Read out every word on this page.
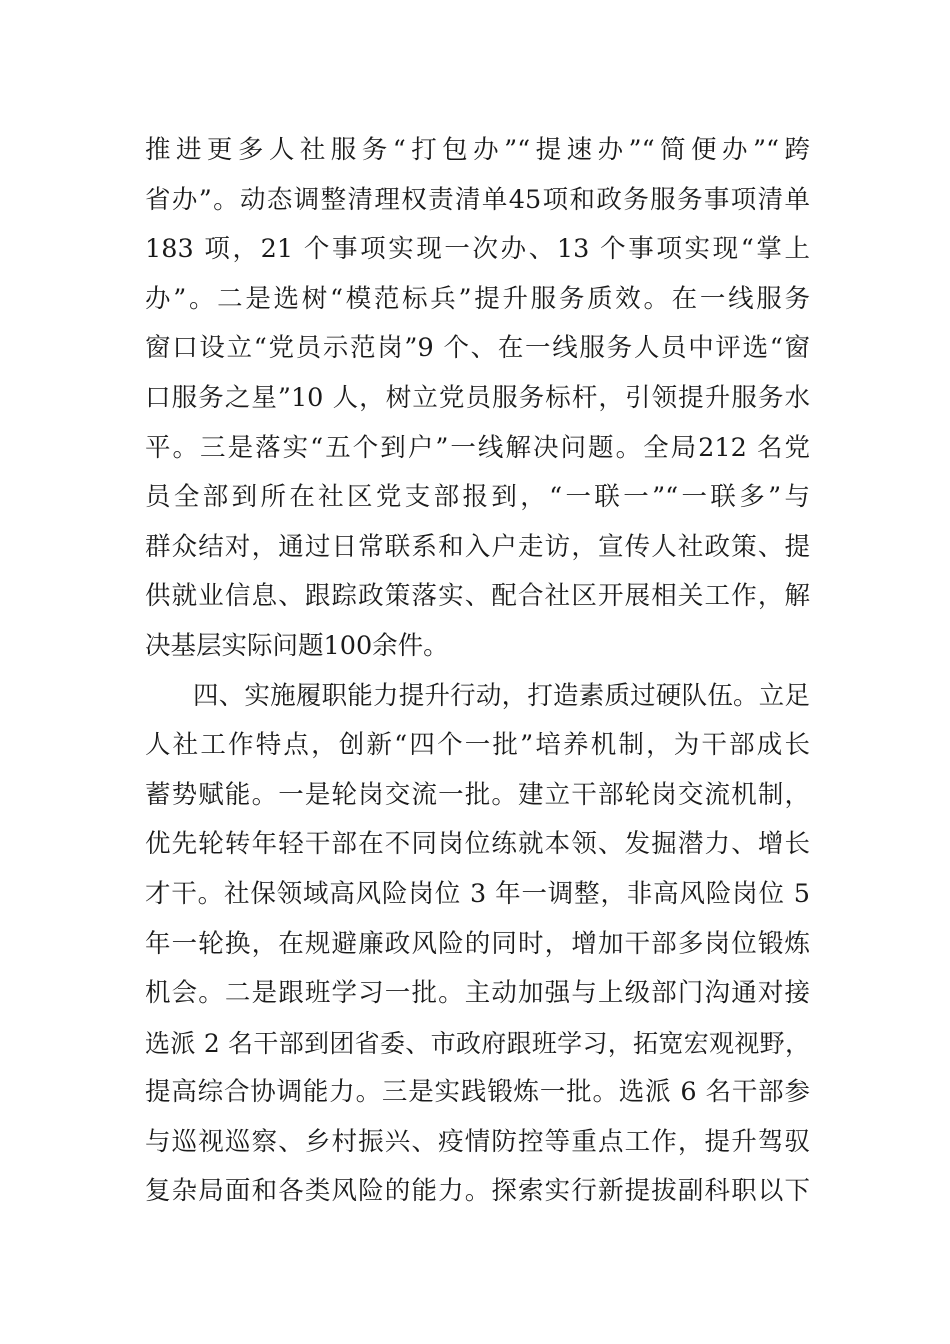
推进更多人社服务“打包办”“提速办”“简便办”“跨
省办”。动态调整清理权责清单45项和政务服务事项清单
183 项，21 个事项实现一次办、13 个事项实现“掌上
办”。二是选树“模范标兵”提升服务质效。在一线服务
窗口设立“党员示范岗”9 个、在一线服务人员中评选“窗
口服务之星”10 人，树立党员服务标杆，引领提升服务水
平。三是落实“五个到户”一线解决问题。全局212 名党
员全部到所在社区党支部报到，“一联一”“一联多”与
群众结对，通过日常联系和入户走访，宣传人社政策、提
供就业信息、跟踪政策落实、配合社区开展相关工作，解
决基层实际问题100余件。
四、实施履职能力提升行动，打造素质过硬队伍。立足
人社工作特点，创新“四个一批”培养机制，为干部成长
蓄势赋能。一是轮岗交流一批。建立干部轮岗交流机制，
优先轮转年轻干部在不同岗位练就本领、发掘潜力、增长
才干。社保领域高风险岗位 3 年一调整，非高风险岗位 5
年一轮换，在规避廉政风险的同时，增加干部多岗位锻炼
机会。二是跟班学习一批。主动加强与上级部门沟通对接
选派 2 名干部到团省委、市政府跟班学习，拓宽宏观视野，
提高综合协调能力。三是实践锻炼一批。选派 6 名干部参
与巡视巡察、乡村振兴、疫情防控等重点工作，提升驾驭
复杂局面和各类风险的能力。探索实行新提拔副科职以下
